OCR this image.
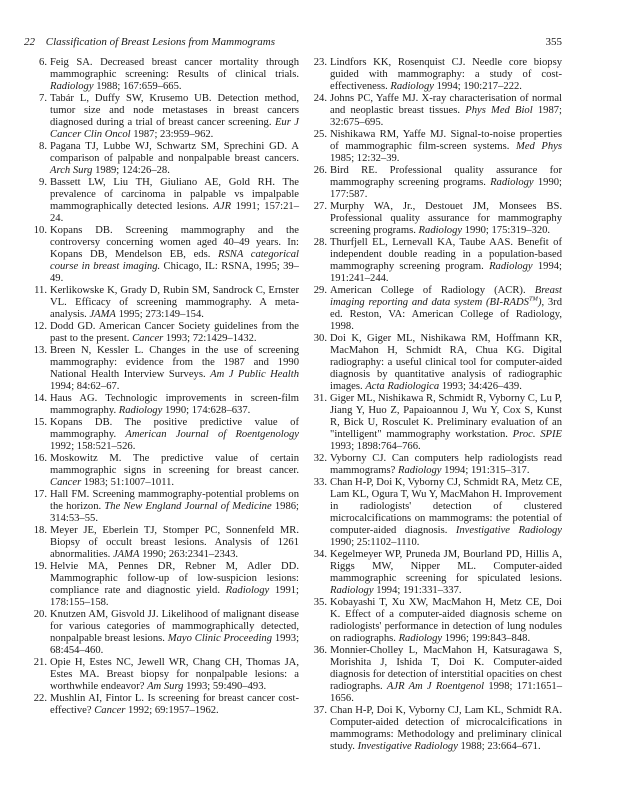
22 Classification of Breast Lesions from Mammograms	355
6. Feig SA. Decreased breast cancer mortality through mammographic screening: Results of clinical trials. Radiology 1988; 167:659–665.
7. Tabár L, Duffy SW, Krusemo UB. Detection method, tumor size and node metastases in breast cancers diagnosed during a trial of breast cancer screening. Eur J Cancer Clin Oncol 1987; 23:959–962.
8. Pagana TJ, Lubbe WJ, Schwartz SM, Sprechini GD. A comparison of palpable and nonpalpable breast cancers. Arch Surg 1989; 124:26–28.
9. Bassett LW, Liu TH, Giuliano AE, Gold RH. The prevalence of carcinoma in palpable vs impalpable mammographically detected lesions. AJR 1991; 157:21–24.
10. Kopans DB. Screening mammography and the controversy concerning women aged 40–49 years. In: Kopans DB, Mendelson EB, eds. RSNA categorical course in breast imaging. Chicago, IL: RSNA, 1995; 39–49.
11. Kerlikowske K, Grady D, Rubin SM, Sandrock C, Ernster VL. Efficacy of screening mammography. A meta-analysis. JAMA 1995; 273:149–154.
12. Dodd GD. American Cancer Society guidelines from the past to the present. Cancer 1993; 72:1429–1432.
13. Breen N, Kessler L. Changes in the use of screening mammography: evidence from the 1987 and 1990 National Health Interview Surveys. Am J Public Health 1994; 84:62–67.
14. Haus AG. Technologic improvements in screen-film mammography. Radiology 1990; 174:628–637.
15. Kopans DB. The positive predictive value of mammography. American Journal of Roentgenology 1992; 158:521–526.
16. Moskowitz M. The predictive value of certain mammographic signs in screening for breast cancer. Cancer 1983; 51:1007–1011.
17. Hall FM. Screening mammography-potential problems on the horizon. The New England Journal of Medicine 1986; 314:53–55.
18. Meyer JE, Eberlein TJ, Stomper PC, Sonnenfeld MR. Biopsy of occult breast lesions. Analysis of 1261 abnormalities. JAMA 1990; 263:2341–2343.
19. Helvie MA, Pennes DR, Rebner M, Adler DD. Mammographic follow-up of low-suspicion lesions: compliance rate and diagnostic yield. Radiology 1991; 178:155–158.
20. Knutzen AM, Gisvold JJ. Likelihood of malignant disease for various categories of mammographically detected, nonpalpable breast lesions. Mayo Clinic Proceeding 1993; 68:454–460.
21. Opie H, Estes NC, Jewell WR, Chang CH, Thomas JA, Estes MA. Breast biopsy for nonpalpable lesions: a worthwhile endeavor? Am Surg 1993; 59:490–493.
22. Mushlin AI, Fintor L. Is screening for breast cancer cost-effective? Cancer 1992; 69:1957–1962.
23. Lindfors KK, Rosenquist CJ. Needle core biopsy guided with mammography: a study of cost-effectiveness. Radiology 1994; 190:217–222.
24. Johns PC, Yaffe MJ. X-ray characterisation of normal and neoplastic breast tissues. Phys Med Biol 1987; 32:675–695.
25. Nishikawa RM, Yaffe MJ. Signal-to-noise properties of mammographic film-screen systems. Med Phys 1985; 12:32–39.
26. Bird RE. Professional quality assurance for mammography screening programs. Radiology 1990; 177:587.
27. Murphy WA, Jr., Destouet JM, Monsees BS. Professional quality assurance for mammography screening programs. Radiology 1990; 175:319–320.
28. Thurfjell EL, Lernevall KA, Taube AAS. Benefit of independent double reading in a population-based mammography screening program. Radiology 1994; 191:241–244.
29. American College of Radiology (ACR). Breast imaging reporting and data system (BI-RADS™), 3rd ed. Reston, VA: American College of Radiology, 1998.
30. Doi K, Giger ML, Nishikawa RM, Hoffmann KR, MacMahon H, Schmidt RA, Chua KG. Digital radiography: a useful clinical tool for computer-aided diagnosis by quantitative analysis of radiographic images. Acta Radiologica 1993; 34:426–439.
31. Giger ML, Nishikawa R, Schmidt R, Vyborny C, Lu P, Jiang Y, Huo Z, Papaioannou J, Wu Y, Cox S, Kunst R, Bick U, Rosculet K. Preliminary evaluation of an "intelligent" mammography workstation. Proc. SPIE 1993; 1898:764–766.
32. Vyborny CJ. Can computers help radiologists read mammograms? Radiology 1994; 191:315–317.
33. Chan H-P, Doi K, Vyborny CJ, Schmidt RA, Metz CE, Lam KL, Ogura T, Wu Y, MacMahon H. Improvement in radiologists' detection of clustered microcalcifications on mammograms: the potential of computer-aided diagnosis. Investigative Radiology 1990; 25:1102–1110.
34. Kegelmeyer WP, Pruneda JM, Bourland PD, Hillis A, Riggs MW, Nipper ML. Computer-aided mammographic screening for spiculated lesions. Radiology 1994; 191:331–337.
35. Kobayashi T, Xu XW, MacMahon H, Metz CE, Doi K. Effect of a computer-aided diagnosis scheme on radiologists' performance in detection of lung nodules on radiographs. Radiology 1996; 199:843–848.
36. Monnier-Cholley L, MacMahon H, Katsuragawa S, Morishita J, Ishida T, Doi K. Computer-aided diagnosis for detection of interstitial opacities on chest radiographs. AJR Am J Roentgenol 1998; 171:1651–1656.
37. Chan H-P, Doi K, Vyborny CJ, Lam KL, Schmidt RA. Computer-aided detection of microcalcifications in mammograms: Methodology and preliminary clinical study. Investigative Radiology 1988; 23:664–671.
